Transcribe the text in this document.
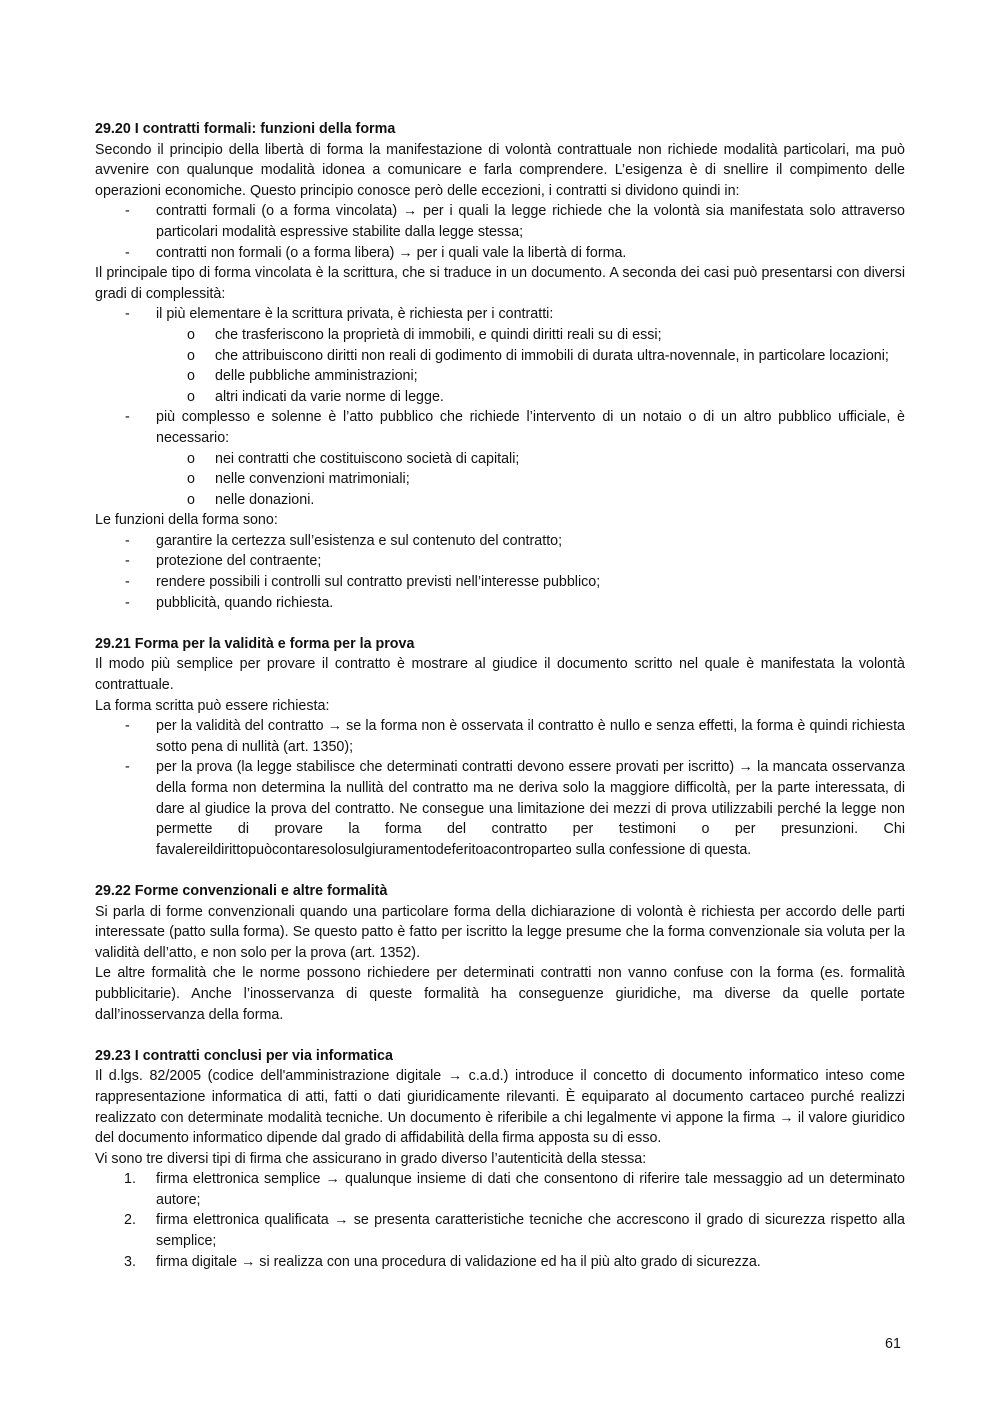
29.20 I contratti formali: funzioni della forma

Secondo il principio della libertà di forma la manifestazione di volontà contrattuale non richiede modalità particolari, ma può avvenire con qualunque modalità idonea a comunicare e farla comprendere. L’esigenza è di snellire il compimento delle operazioni economiche. Questo principio conosce però delle eccezioni, i contratti si dividono quindi in:

- contratti formali (o a forma vincolata) → per i quali la legge richiede che la volontà sia manifestata solo attraverso particolari modalità espressive stabilite dalla legge stessa;
- contratti non formali (o a forma libera) → per i quali vale la libertà di forma.

Il principale tipo di forma vincolata è la scrittura, che si traduce in un documento. A seconda dei casi può presentarsi con diversi gradi di complessità:

- il più elementare è la scrittura privata, è richiesta per i contratti:
o che trasferiscono la proprietà di immobili, e quindi diritti reali su di essi;
o che attribuiscono diritti non reali di godimento di immobili di durata ultra-novennale, in particolare locazioni;
o delle pubbliche amministrazioni;
o altri indicati da varie norme di legge.
- più complesso e solenne è l’atto pubblico che richiede l’intervento di un notaio o di un altro pubblico ufficiale, è necessario:
o nei contratti che costituiscono società di capitali;
o nelle convenzioni matrimoniali;
o nelle donazioni.

Le funzioni della forma sono:

- garantire la certezza sull’esistenza e sul contenuto del contratto;
- protezione del contraente;
- rendere possibili i controlli sul contratto previsti nell’interesse pubblico;
- pubblicità, quando richiesta.

29.21 Forma per la validità e forma per la prova

Il modo più semplice per provare il contratto è mostrare al giudice il documento scritto nel quale è manifestata la volontà contrattuale.

La forma scritta può essere richiesta:

- per la validità del contratto → se la forma non è osservata il contratto è nullo e senza effetti, la forma è quindi richiesta sotto pena di nullità (art. 1350);
- per la prova (la legge stabilisce che determinati contratti devono essere provati per iscritto) → la mancata osservanza della forma non determina la nullità del contratto ma ne deriva solo la maggiore difficoltà, per la parte interessata, di dare al giudice la prova del contratto. Ne consegue una limitazione dei mezzi di prova utilizzabili perché la legge non permette di provare la forma del contratto per testimoni o per presunzioni. Chi favalereildirittopuòcontaresolosulgiuramentodeferitoacontroparteo sulla confessione di questa.

29.22 Forme convenzionali e altre formalità

Si parla di forme convenzionali quando una particolare forma della dichiarazione di volontà è richiesta per accordo delle parti interessate (patto sulla forma). Se questo patto è fatto per iscritto la legge presume che la forma convenzionale sia voluta per la validità dell’atto, e non solo per la prova (art. 1352).

Le altre formalità che le norme possono richiedere per determinati contratti non vanno confuse con la forma (es. formalità pubblicitarie). Anche l’inosservanza di queste formalità ha conseguenze giuridiche, ma diverse da quelle portate dall’inosservanza della forma.

29.23 I contratti conclusi per via informatica

Il d.lgs. 82/2005 (codice dell'amministrazione digitale → c.a.d.) introduce il concetto di documento informatico inteso come rappresentazione informatica di atti, fatti o dati giuridicamente rilevanti. È equiparato al documento cartaceo purché realizzi realizzato con determinate modalità tecniche. Un documento è riferibile a chi legalmente vi appone la firma → il valore giuridico del documento informatico dipende dal grado di affidabilità della firma apposta su di esso.

Vi sono tre diversi tipi di firma che assicurano in grado diverso l’autenticità della stessa:

1. firma elettronica semplice → qualunque insieme di dati che consentono di riferire tale messaggio ad un determinato autore;
2. firma elettronica qualificata → se presenta caratteristiche tecniche che accrescono il grado di sicurezza rispetto alla semplice;
3. firma digitale → si realizza con una procedura di validazione ed ha il più alto grado di sicurezza.
61
